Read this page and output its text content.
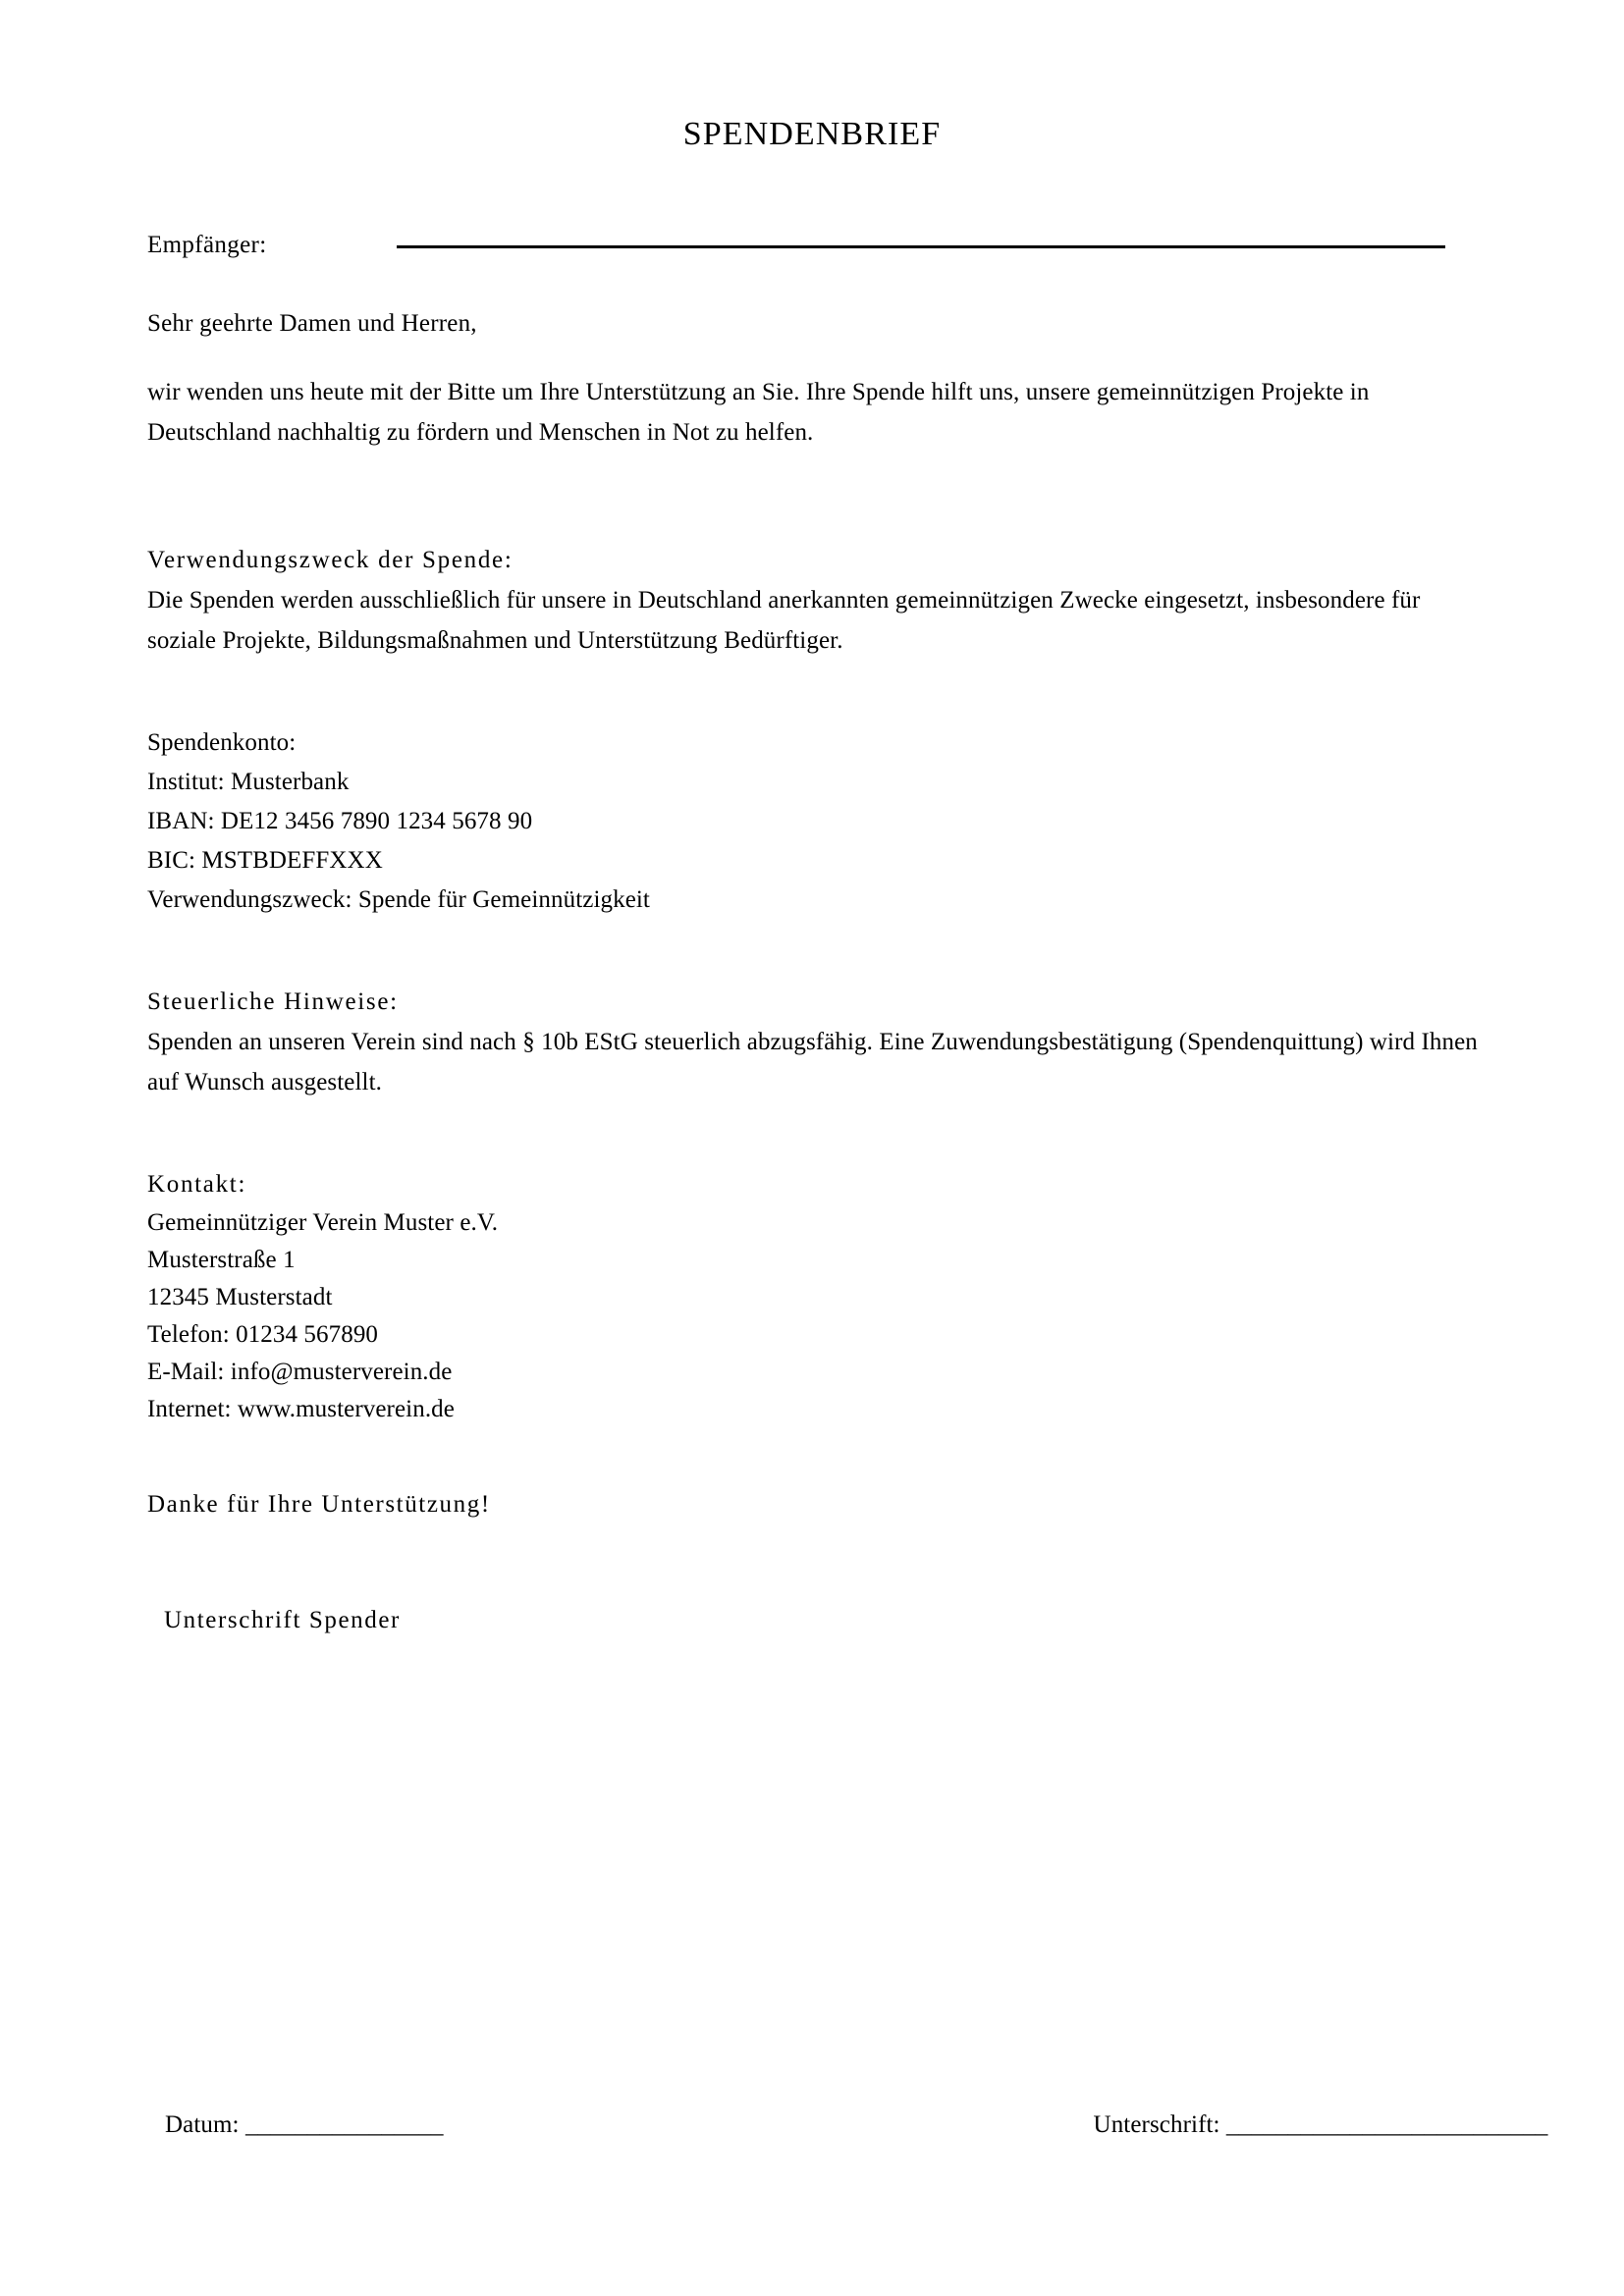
SPENDENBRIEF
Empfänger:
Sehr geehrte Damen und Herren,

wir wenden uns heute mit der Bitte um Ihre Unterstützung an Sie. Ihre Spende hilft uns, unsere gemeinnützigen Projekte in Deutschland nachhaltig zu fördern und Menschen in Not zu helfen.

Verwendungszweck der Spende:

Die Spenden werden ausschließlich für unsere in Deutschland anerkannten gemeinnützigen Zwecke eingesetzt, insbesondere für soziale Projekte, Bildungsmaßnahmen und Unterstützung Bedürftiger.

Spendenkonto:
Institut: Musterbank
IBAN: DE12 3456 7890 1234 5678 90
BIC: MSTBDEFFXXX
Verwendungszweck: Spende für Gemeinnützigkeit
Steuerliche Hinweise:

Spenden an unseren Verein sind nach § 10b EStG steuerlich abzugsfähig. Eine Zuwendungsbestätigung (Spendenquittung) wird Ihnen auf Wunsch ausgestellt.

Kontakt:
Gemeinnütziger Verein Muster e.V.
Musterstraße 1
12345 Musterstadt
Telefon: 01234 567890
E-Mail: info@musterverein.de
Internet: www.musterverein.de
Danke für Ihre Unterstützung!
Unterschrift Spender
Datum: ________________	Unterschrift: __________________________
